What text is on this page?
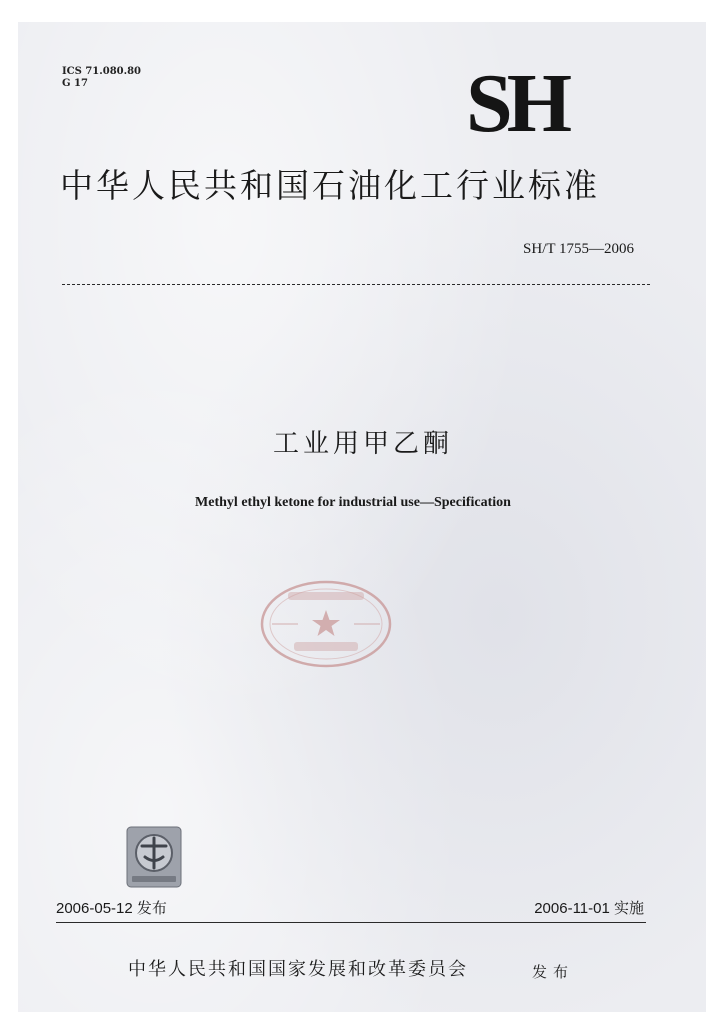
ICS 71.080.80
G 17	SH
中华人民共和国石油化工行业标准
SH/T 1755—2006
工业用甲乙酮
Methyl ethyl ketone for industrial use—Specification
2006-05-12 发布	2006-11-01 实施
中华人民共和国国家发展和改革委员会	发布
